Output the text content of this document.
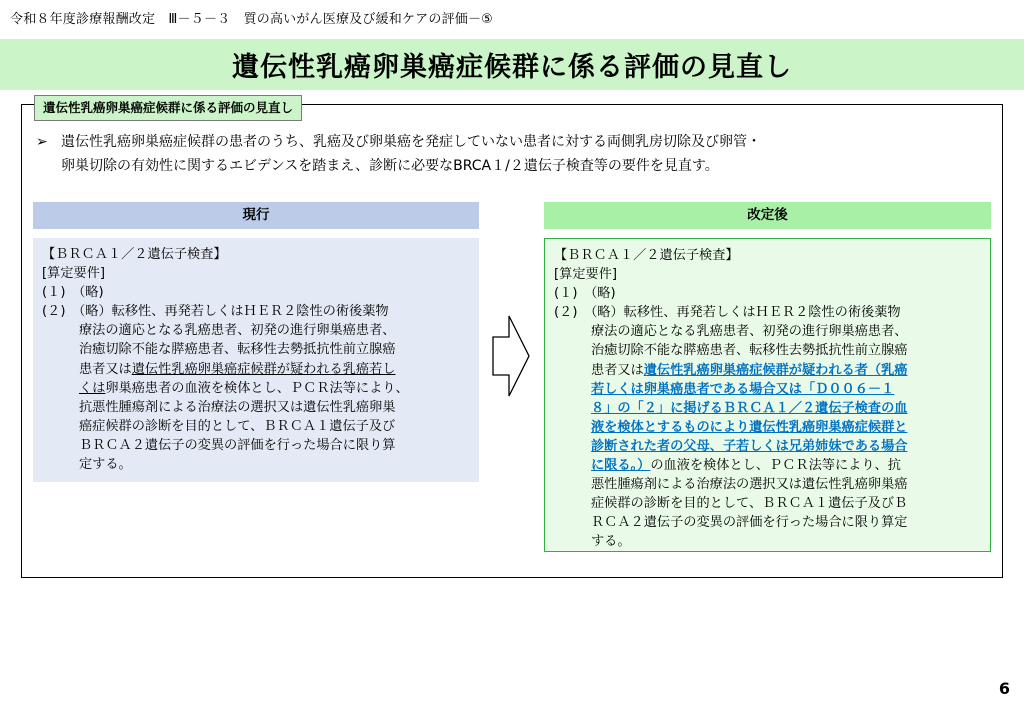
令和８年度診療報酬改定　Ⅲ－５－３　質の高いがん医療及び緩和ケアの評価－⑤
遺伝性乳癌卵巣癌症候群に係る評価の見直し
遺伝性乳癌卵巣癌症候群に係る評価の見直し
➢ 遺伝性乳癌卵巣癌症候群の患者のうち、乳癌及び卵巣癌を発症していない患者に対する両側乳房切除及び卵管・
卵巣切除の有効性に関するエビデンスを踏まえ、診断に必要なBRCA１/２遺伝子検査等の要件を見直す。
現行	改定後
【ＢＲＣＡ１／２遺伝子検査】
[算定要件]
(１)　（略)
(２)　（略）転移性、再発若しくはＨＥＲ２陰性の術後薬物
療法の適応となる乳癌患者、初発の進行卵巣癌患者、
治癒切除不能な膵癌患者、転移性去勢抵抗性前立腺癌
患者又は遺伝性乳癌卵巣癌症候群が疑われる乳癌若し
くは卵巣癌患者の血液を検体とし、ＰＣＲ法等により、
抗悪性腫瘍剤による治療法の選択又は遺伝性乳癌卵巣
癌症候群の診断を目的として、ＢＲＣＡ１遺伝子及び
ＢＲＣＡ２遺伝子の変異の評価を行った場合に限り算
定する。
【ＢＲＣＡ１／２遺伝子検査】
[算定要件]
(１)　（略)
(２)　（略）転移性、再発若しくはＨＥＲ２陰性の術後薬物
療法の適応となる乳癌患者、初発の進行卵巣癌患者、
治癒切除不能な膵癌患者、転移性去勢抵抗性前立腺癌
患者又は遺伝性乳癌卵巣癌症候群が疑われる者（乳癌
若しくは卵巣癌患者である場合又は「Ｄ００６－１
８」の「２」に掲げるＢＲＣＡ１／２遺伝子検査の血
液を検体とするものにより遺伝性乳癌卵巣癌症候群と
診断された者の父母、子若しくは兄弟姉妹である場合
に限る。）の血液を検体とし、ＰＣＲ法等により、抗
悪性腫瘍剤による治療法の選択又は遺伝性乳癌卵巣癌
症候群の診断を目的として、ＢＲＣＡ１遺伝子及びＢ
ＲＣＡ２遺伝子の変異の評価を行った場合に限り算定
する。
6
